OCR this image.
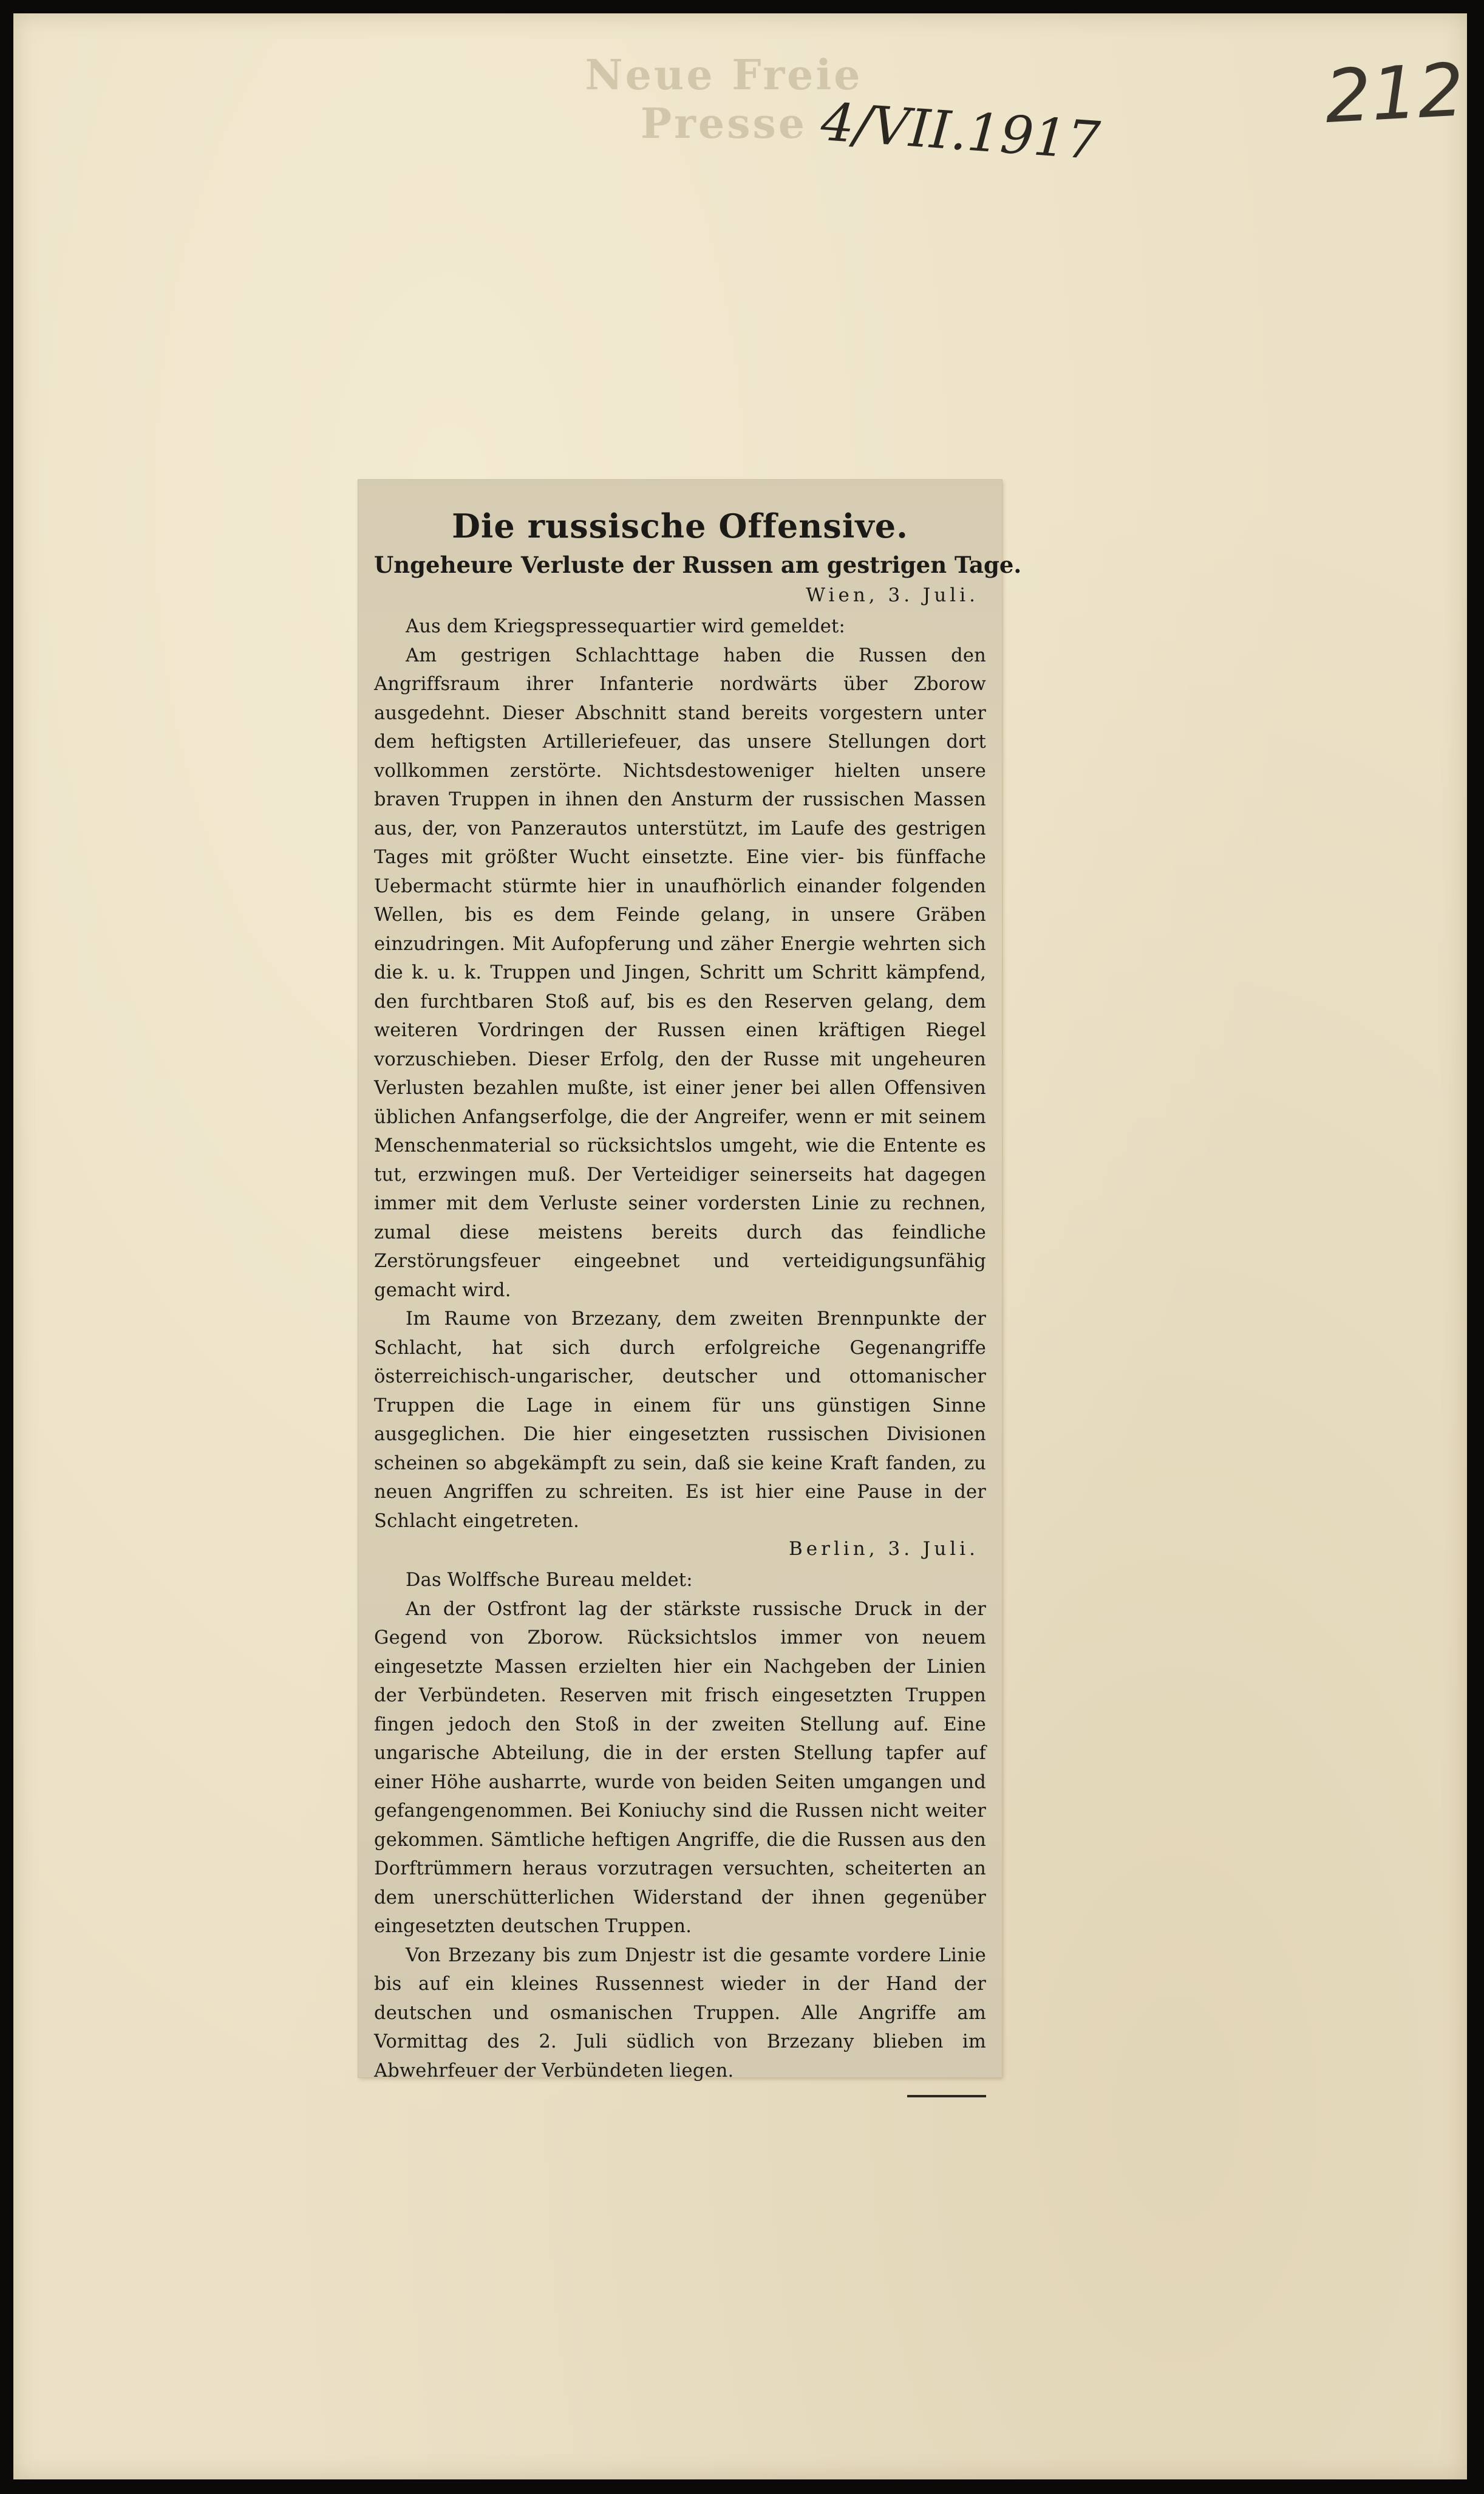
Neue Freie Presse 4/VII.1917	212
Die russische Offensive.
Ungeheure Verluste der Russen am gestrigen Tage.
Wien, 3. Juli.

Aus dem Kriegspressequartier wird gemeldet:

Am gestrigen Schlachttage haben die Russen den Angriffsraum ihrer Infanterie nordwärts über Zborow ausgedehnt. Dieser Abschnitt stand bereits vorgestern unter dem heftigsten Artilleriefeuer, das unsere Stellungen dort vollkommen zerstörte. Nichtsdestoweniger hielten unsere braven Truppen in ihnen den Ansturm der russischen Massen aus, der, von Panzerautos unterstützt, im Laufe des gestrigen Tages mit größter Wucht einsetzte. Eine vier- bis fünffache Uebermacht stürmte hier in unaufhörlich einander folgenden Wellen, bis es dem Feinde gelang, in unsere Gräben einzudringen. Mit Aufopferung und zäher Energie wehrten sich die k. u. k. Truppen und Jingen, Schritt um Schritt kämpfend, den furchtbaren Stoß auf, bis es den Reserven gelang, dem weiteren Vordringen der Russen einen kräftigen Riegel vorzuschieben. Dieser Erfolg, den der Russe mit ungeheuren Verlusten bezahlen mußte, ist einer jener bei allen Offensiven üblichen Anfangserfolge, die der Angreifer, wenn er mit seinem Menschenmaterial so rücksichtslos umgeht, wie die Entente es tut, erzwingen muß. Der Verteidiger seinerseits hat dagegen immer mit dem Verluste seiner vordersten Linie zu rechnen, zumal diese meistens bereits durch das feindliche Zerstörungsfeuer eingeebnet und verteidigungsunfähig gemacht wird.

Im Raume von Brzezany, dem zweiten Brennpunkte der Schlacht, hat sich durch erfolgreiche Gegenangriffe österreichisch-ungarischer, deutscher und ottomanischer Truppen die Lage in einem für uns günstigen Sinne ausgeglichen. Die hier eingesetzten russischen Divisionen scheinen so abgekämpft zu sein, daß sie keine Kraft fanden, zu neuen Angriffen zu schreiten. Es ist hier eine Pause in der Schlacht eingetreten.

Berlin, 3. Juli.

Das Wolffsche Bureau meldet:

An der Ostfront lag der stärkste russische Druck in der Gegend von Zborow. Rücksichtslos immer von neuem eingesetzte Massen erzielten hier ein Nachgeben der Linien der Verbündeten. Reserven mit frisch eingesetzten Truppen fingen jedoch den Stoß in der zweiten Stellung auf. Eine ungarische Abteilung, die in der ersten Stellung tapfer auf einer Höhe ausharrte, wurde von beiden Seiten umgangen und gefangengenommen. Bei Koniuchy sind die Russen nicht weiter gekommen. Sämtliche heftigen Angriffe, die die Russen aus den Dorftrümmern heraus vorzutragen versuchten, scheiterten an dem unerschütterlichen Widerstand der ihnen gegenüber eingesetzten deutschen Truppen.

Von Brzezany bis zum Dnjestr ist die gesamte vordere Linie bis auf ein kleines Russennest wieder in der Hand der deutschen und osmanischen Truppen. Alle Angriffe am Vormittag des 2. Juli südlich von Brzezany blieben im Abwehrfeuer der Verbündeten liegen.
